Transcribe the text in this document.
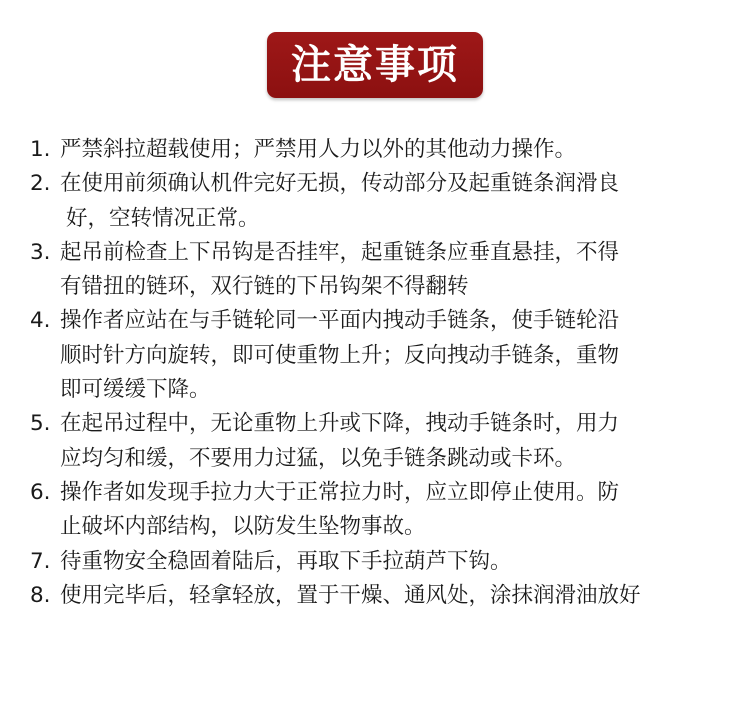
注意事项
1. 严禁斜拉超载使用；严禁用人力以外的其他动力操作。
2. 在使用前须确认机件完好无损，传动部分及起重链条润滑良
好，空转情况正常。
3. 起吊前检查上下吊钩是否挂牢，起重链条应垂直悬挂，不得
有错扭的链环，双行链的下吊钩架不得翻转
4. 操作者应站在与手链轮同一平面内拽动手链条，使手链轮沿
顺时针方向旋转，即可使重物上升；反向拽动手链条，重物
即可缓缓下降。
5. 在起吊过程中，无论重物上升或下降，拽动手链条时，用力
应均匀和缓，不要用力过猛，以免手链条跳动或卡环。
6. 操作者如发现手拉力大于正常拉力时，应立即停止使用。防
止破坏内部结构，以防发生坠物事故。
7. 待重物安全稳固着陆后，再取下手拉葫芦下钩。
8. 使用完毕后，轻拿轻放，置于干燥、通风处，涂抹润滑油放好
